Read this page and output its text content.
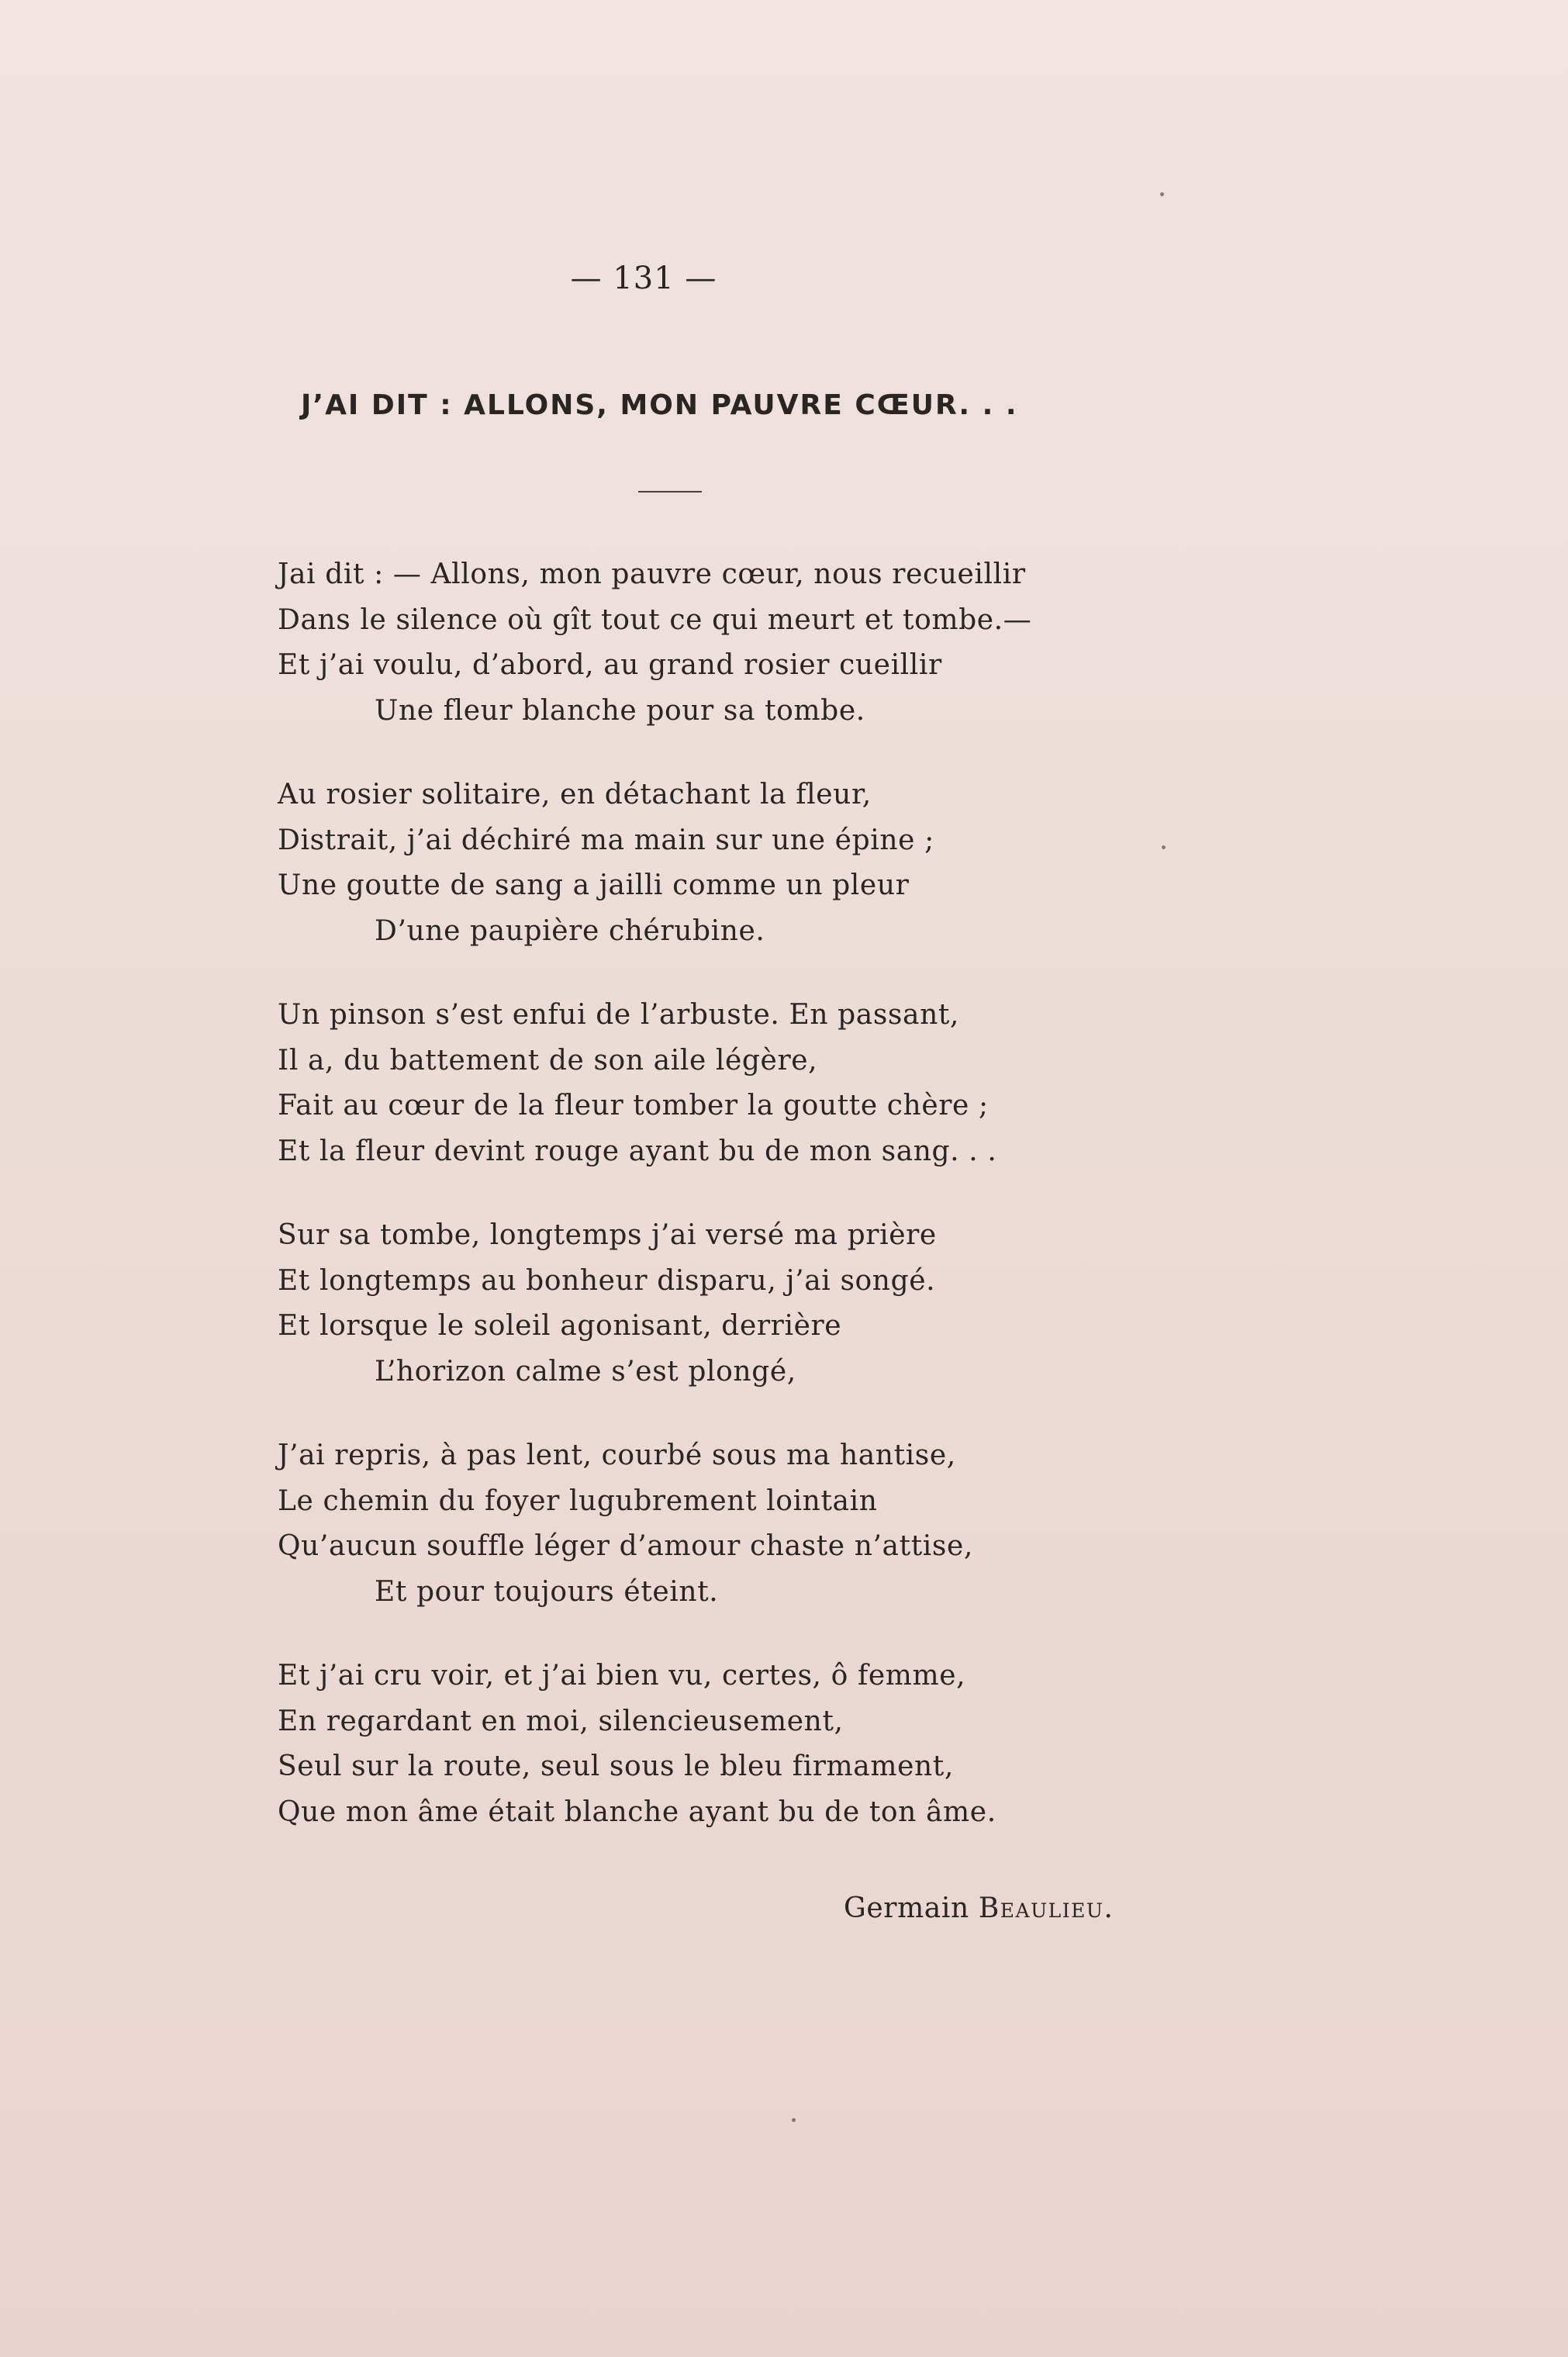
— 131 —
J’AI DIT : ALLONS, MON PAUVRE CŒUR. . .
Jai dit : — Allons, mon pauvre cœur, nous recueillir
Dans le silence où gît tout ce qui meurt et tombe.—
Et j’ai voulu, d’abord, au grand rosier cueillir
Une fleur blanche pour sa tombe.
Au rosier solitaire, en détachant la fleur,
Distrait, j’ai déchiré ma main sur une épine ;
Une goutte de sang a jailli comme un pleur
D’une paupière chérubine.
Un pinson s’est enfui de l’arbuste. En passant,
Il a, du battement de son aile légère,
Fait au cœur de la fleur tomber la goutte chère ;
Et la fleur devint rouge ayant bu de mon sang. . .
Sur sa tombe, longtemps j’ai versé ma prière
Et longtemps au bonheur disparu, j’ai songé.
Et lorsque le soleil agonisant, derrière
L’horizon calme s’est plongé,
J’ai repris, à pas lent, courbé sous ma hantise,
Le chemin du foyer lugubrement lointain
Qu’aucun souffle léger d’amour chaste n’attise,
Et pour toujours éteint.
Et j’ai cru voir, et j’ai bien vu, certes, ô femme,
En regardant en moi, silencieusement,
Seul sur la route, seul sous le bleu firmament,
Que mon âme était blanche ayant bu de ton âme.
Germain Beaulieu.
